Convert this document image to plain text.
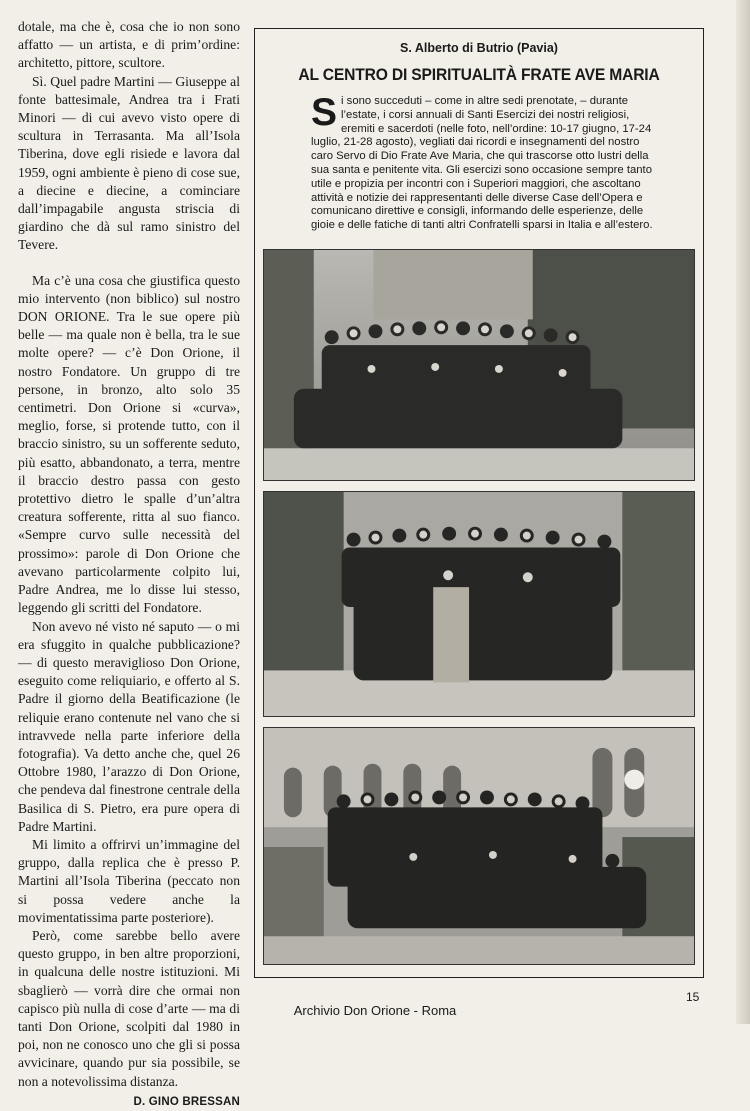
dotale, ma che è, cosa che io non sono affatto — un artista, e di prim’ordine: architetto, pittore, scultore.

Sì. Quel padre Martini — Giuseppe al fonte battesimale, Andrea tra i Frati Minori — di cui avevo visto opere di scultura in Terrasanta. Ma all’Isola Tiberina, dove egli risiede e lavora dal 1959, ogni ambiente è pieno di cose sue, a diecine e diecine, a cominciare dall’impagabile angusta striscia di giardino che dà sul ramo sinistro del Tevere.

Ma c’è una cosa che giustifica questo mio intervento (non biblico) sul nostro DON ORIONE. Tra le sue opere più belle — ma quale non è bella, tra le sue molte opere? — c’è Don Orione, il nostro Fondatore. Un gruppo di tre persone, in bronzo, alto solo 35 centimetri. Don Orione si «curva», meglio, forse, si protende tutto, con il braccio sinistro, su un sofferente seduto, più esatto, abbandonato, a terra, mentre il braccio destro passa con gesto protettivo dietro le spalle d’un’altra creatura sofferente, ritta al suo fianco. «Sempre curvo sulle necessità del prossimo»: parole di Don Orione che avevano particolarmente colpito lui, Padre Andrea, me lo disse lui stesso, leggendo gli scritti del Fondatore.

Non avevo né visto né saputo — o mi era sfuggito in qualche pubblicazione? — di questo meraviglioso Don Orione, eseguito come reliquiario, e offerto al S. Padre il giorno della Beatificazione (le reliquie erano contenute nel vano che si intravvede nella parte inferiore della fotografia). Va detto anche che, quel 26 Ottobre 1980, l’arazzo di Don Orione, che pendeva dal finestrone centrale della Basilica di S. Pietro, era pure opera di Padre Martini.

Mi limito a offrirvi un’immagine del gruppo, dalla replica che è presso P. Martini all’Isola Tiberina (peccato non si possa vedere anche la movimentatissima parte posteriore).

Però, come sarebbe bello avere questo gruppo, in ben altre proporzioni, in qualcuna delle nostre istituzioni. Mi sbaglierò — vorrà dire che ormai non capisco più nulla di cose d’arte — ma di tanti Don Orione, scolpiti dal 1980 in poi, non ne conosco uno che gli si possa avvicinare, quando pur sia possibile, se non a notevolissima distanza.

D. GINO BRESSAN
S. Alberto di Butrio (Pavia)
AL CENTRO DI SPIRITUALITÀ FRATE AVE MARIA
Si sono succeduti – come in altre sedi prenotate, – durante l’estate, i corsi annuali di Santi Esercizi dei nostri religiosi, eremiti e sacerdoti (nelle foto, nell’ordine: 10-17 giugno, 17-24 luglio, 21-28 agosto), vegliati dai ricordi e insegnamenti del nostro caro Servo di Dio Frate Ave Maria, che qui trascorse otto lustri della sua santa e penitente vita. Gli esercizi sono occasione sempre tanto utile e propizia per incontri con i Superiori maggiori, che ascoltano attività e notizie dei rappresentanti delle diverse Case dell’Opera e comunicano direttive e consigli, informando delle esperienze, delle gioie e delle fatiche di tanti altri Confratelli sparsi in Italia e all’estero.
15
Archivio Don Orione - Roma
